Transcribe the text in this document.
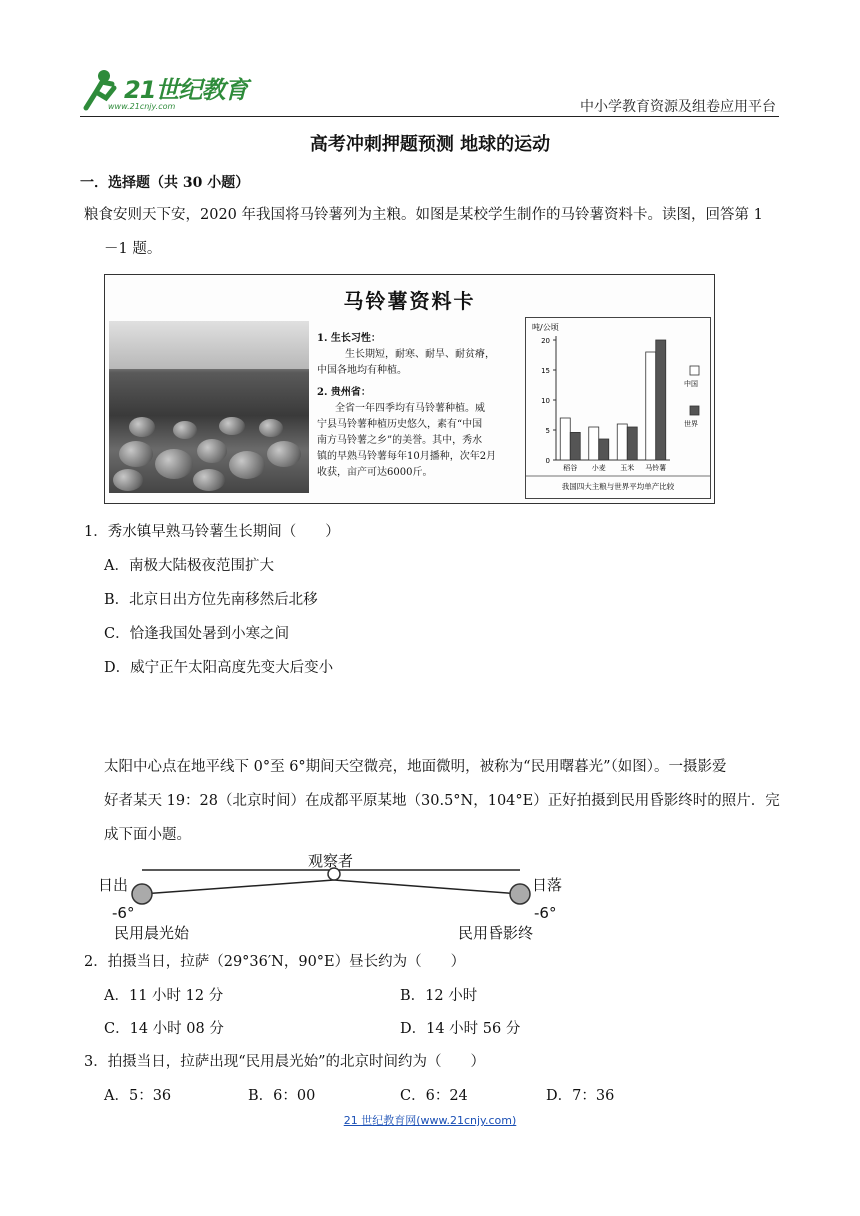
21世纪教育
www.21cnjy.com	中小学教育资源及组卷应用平台
高考冲刺押题预测 地球的运动
一．选择题（共 30 小题）
粮食安则天下安，2020 年我国将马铃薯列为主粮。如图是某校学生制作的马铃薯资料卡。读图，回答第 1
－1 题。
马铃薯资料卡
1. 生长习性：
生长期短，耐寒、耐旱、耐贫瘠，
中国各地均有种植。
2. 贵州省：
全省一年四季均有马铃薯种植。威
宁县马铃薯种植历史悠久，素有“中国
南方马铃薯之乡”的美誉。其中，秀水
镇的早熟马铃薯每年10月播种，次年2月
收获，亩产可达6000斤。
吨/公顷
0
5
10
15
20
稻谷 小麦 玉米 马铃薯
中国
世界
我国四大主粮与世界平均单产比较
1．秀水镇早熟马铃薯生长期间（　　）
A．南极大陆极夜范围扩大
B．北京日出方位先南移然后北移
C．恰逢我国处暑到小寒之间
D．威宁正午太阳高度先变大后变小
太阳中心点在地平线下 0°至 6°期间天空微亮，地面微明，被称为“民用曙暮光”（如图）。一摄影爱
好者某天 19：28（北京时间）在成都平原某地（30.5°N，104°E）正好拍摄到民用昏影终时的照片．完
成下面小题。
观察者
日出	日落
-6°	-6°
民用晨光始	民用昏影终
2．拍摄当日，拉萨（29°36′N，90°E）昼长约为（　　）
A．11 小时 12 分	B．12 小时
C．14 小时 08 分	D．14 小时 56 分
3．拍摄当日，拉萨出现“民用晨光始”的北京时间约为（　　）
A．5：36	B．6：00	C．6：24	D．7：36
21 世纪教育网(www.21cnjy.com)
